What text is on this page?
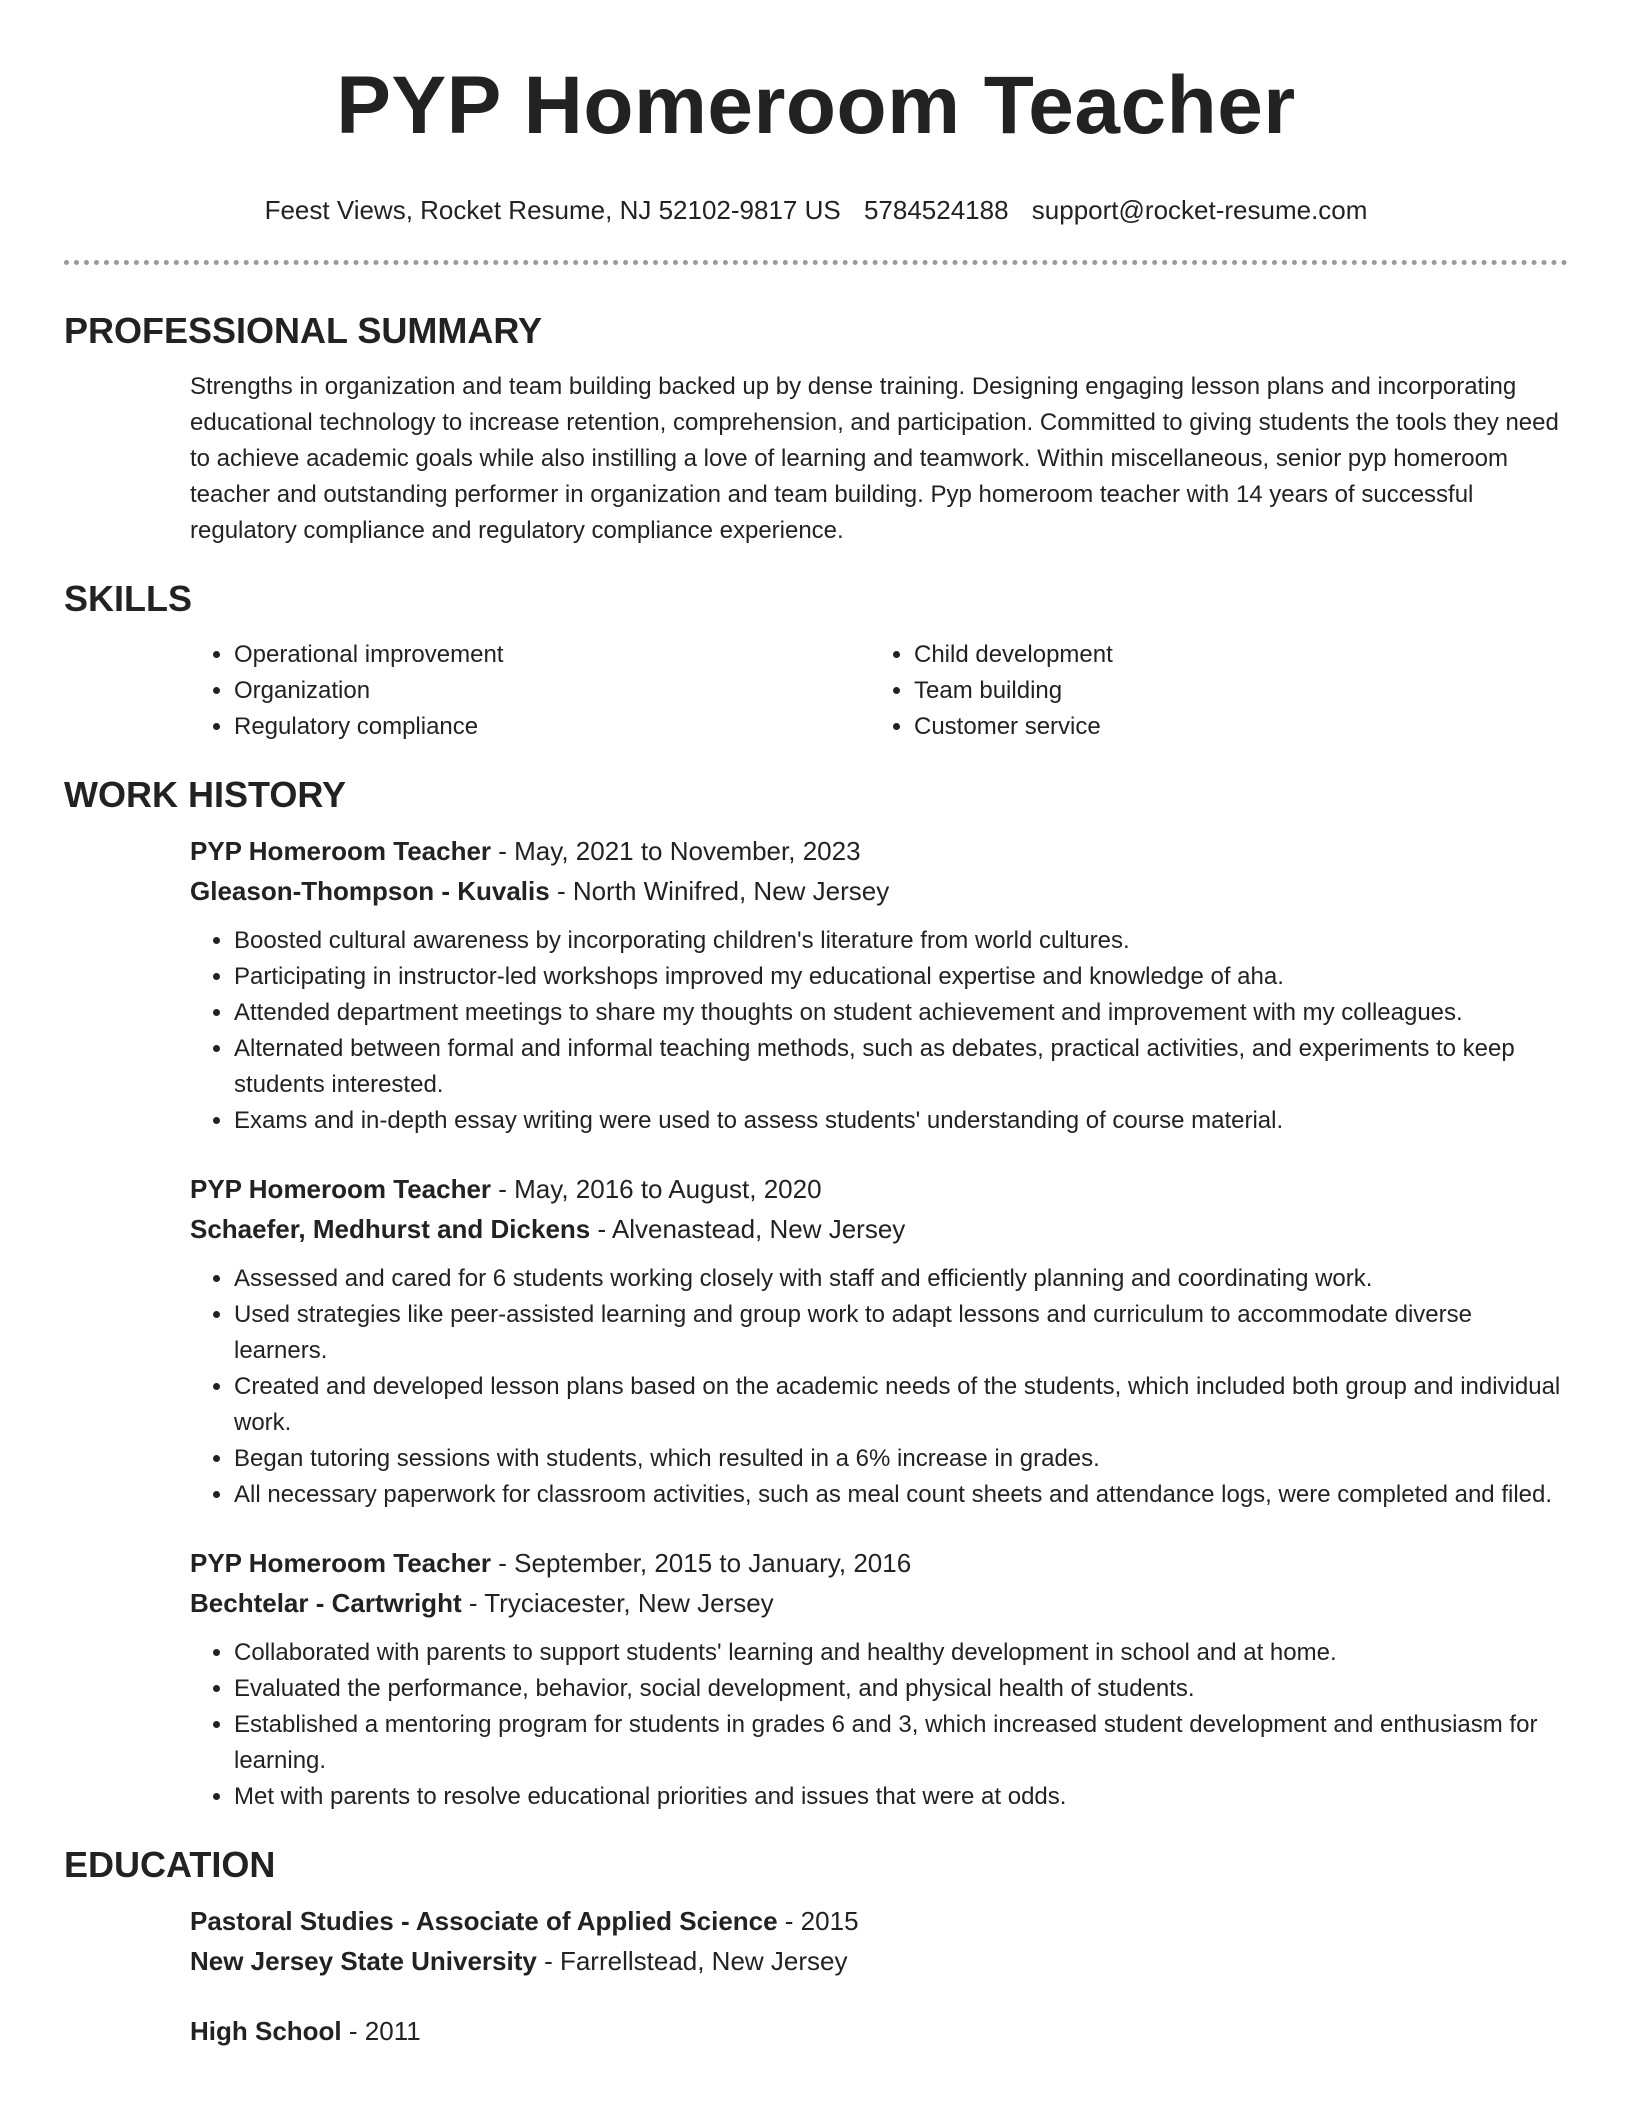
PYP Homeroom Teacher
Feest Views, Rocket Resume, NJ 52102-9817 US 5784524188 support@rocket-resume.com
PROFESSIONAL SUMMARY

Strengths in organization and team building backed up by dense training. Designing engaging lesson plans and incorporating educational technology to increase retention, comprehension, and participation. Committed to giving students the tools they need to achieve academic goals while also instilling a love of learning and teamwork. Within miscellaneous, senior pyp homeroom teacher and outstanding performer in organization and team building. Pyp homeroom teacher with 14 years of successful regulatory compliance and regulatory compliance experience.

SKILLS
• Operational improvement
• Organization
• Regulatory compliance
• Child development
• Team building
• Customer service
WORK HISTORY
PYP Homeroom Teacher - May, 2021 to November, 2023
Gleason-Thompson - Kuvalis - North Winifred, New Jersey
• Boosted cultural awareness by incorporating children's literature from world cultures.
• Participating in instructor-led workshops improved my educational expertise and knowledge of aha.
• Attended department meetings to share my thoughts on student achievement and improvement with my colleagues.
• Alternated between formal and informal teaching methods, such as debates, practical activities, and experiments to keep students interested.
• Exams and in-depth essay writing were used to assess students' understanding of course material.
PYP Homeroom Teacher - May, 2016 to August, 2020
Schaefer, Medhurst and Dickens - Alvenastead, New Jersey
• Assessed and cared for 6 students working closely with staff and efficiently planning and coordinating work.
• Used strategies like peer-assisted learning and group work to adapt lessons and curriculum to accommodate diverse learners.
• Created and developed lesson plans based on the academic needs of the students, which included both group and individual work.
• Began tutoring sessions with students, which resulted in a 6% increase in grades.
• All necessary paperwork for classroom activities, such as meal count sheets and attendance logs, were completed and filed.
PYP Homeroom Teacher - September, 2015 to January, 2016
Bechtelar - Cartwright - Tryciacester, New Jersey
• Collaborated with parents to support students' learning and healthy development in school and at home.
• Evaluated the performance, behavior, social development, and physical health of students.
• Established a mentoring program for students in grades 6 and 3, which increased student development and enthusiasm for learning.
• Met with parents to resolve educational priorities and issues that were at odds.
EDUCATION
Pastoral Studies - Associate of Applied Science - 2015
New Jersey State University - Farrellstead, New Jersey
High School - 2011
